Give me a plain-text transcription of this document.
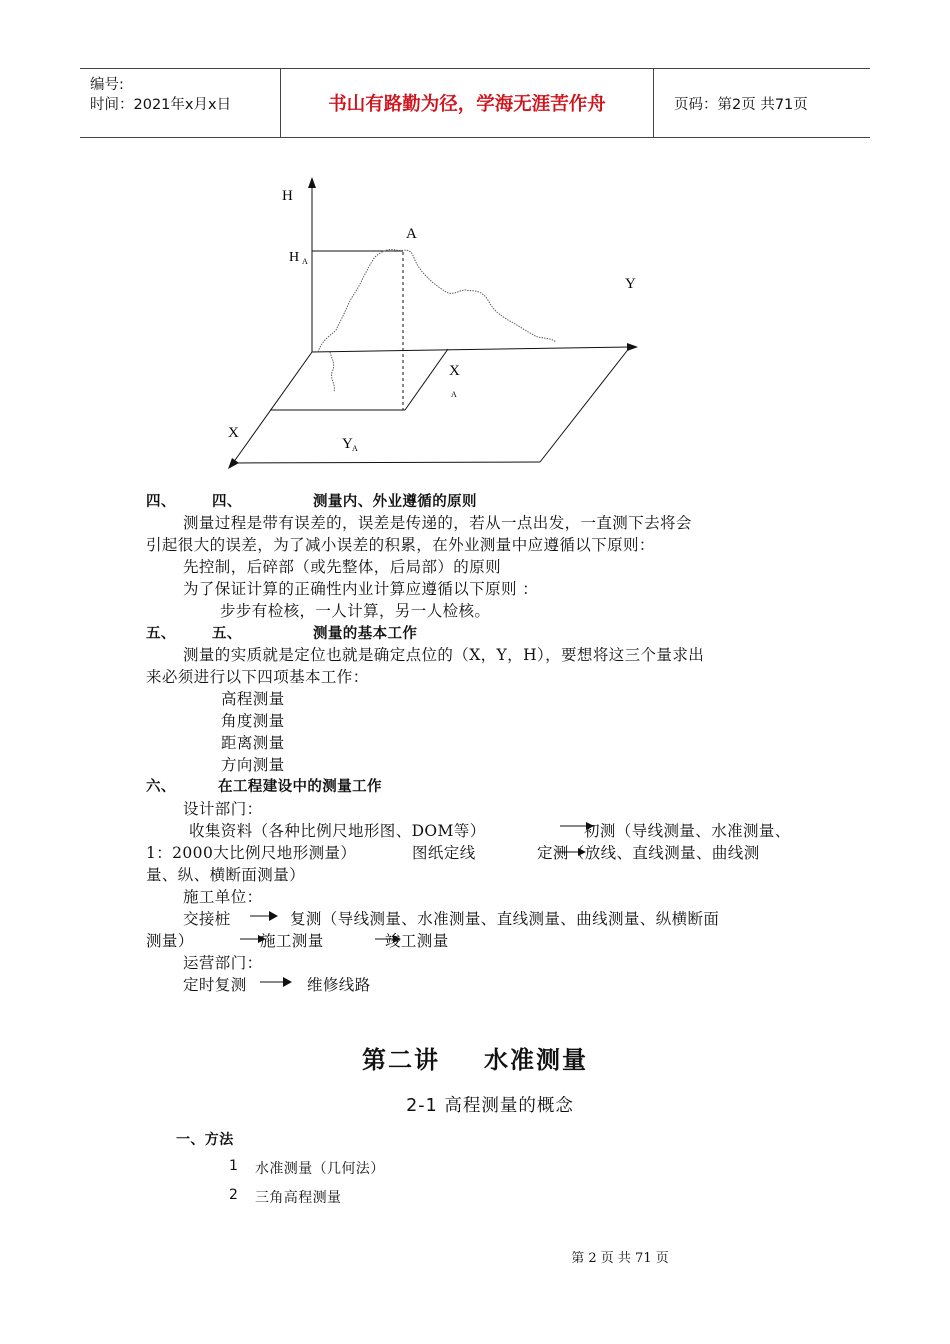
编号:
时间：2021年x月x日	书山有路勤为径，学海无涯苦作舟	页码：第2页 共71页
H
H A
A
Y
X
A
X
Y A
四、 四、	测量内、外业遵循的原则
测量过程是带有误差的，误差是传递的，若从一点出发，一直测下去将会
引起很大的误差，为了减小误差的积累，在外业测量中应遵循以下原则：
先控制，后碎部（或先整体，后局部）的原则
为了保证计算的正确性内业计算应遵循以下原则 ：
步步有检核，一人计算，另一人检核。
五、 五、	测量的基本工作
测量的实质就是定位也就是确定点位的（X，Y，H），要想将这三个量求出
来必须进行以下四项基本工作：
高程测量
角度测量
距离测量
方向测量
六、	在工程建设中的测量工作
设计部门：
收集资料（各种比例尺地形图、DOM等）	初测（导线测量、水准测量、
1：2000大比例尺地形测量）	图纸定线	定测（放线、直线测量、曲线测
量、纵、横断面测量）
施工单位：
交接桩	复测（导线测量、水准测量、直线测量、曲线测量、纵横断面
测量）	施工测量	竣工测量
运营部门：
定时复测	维修线路
第二讲 水准测量
2-1 高程测量的概念
一、方法
1 水准测量（几何法）
2 三角高程测量
第 2 页 共 71 页
